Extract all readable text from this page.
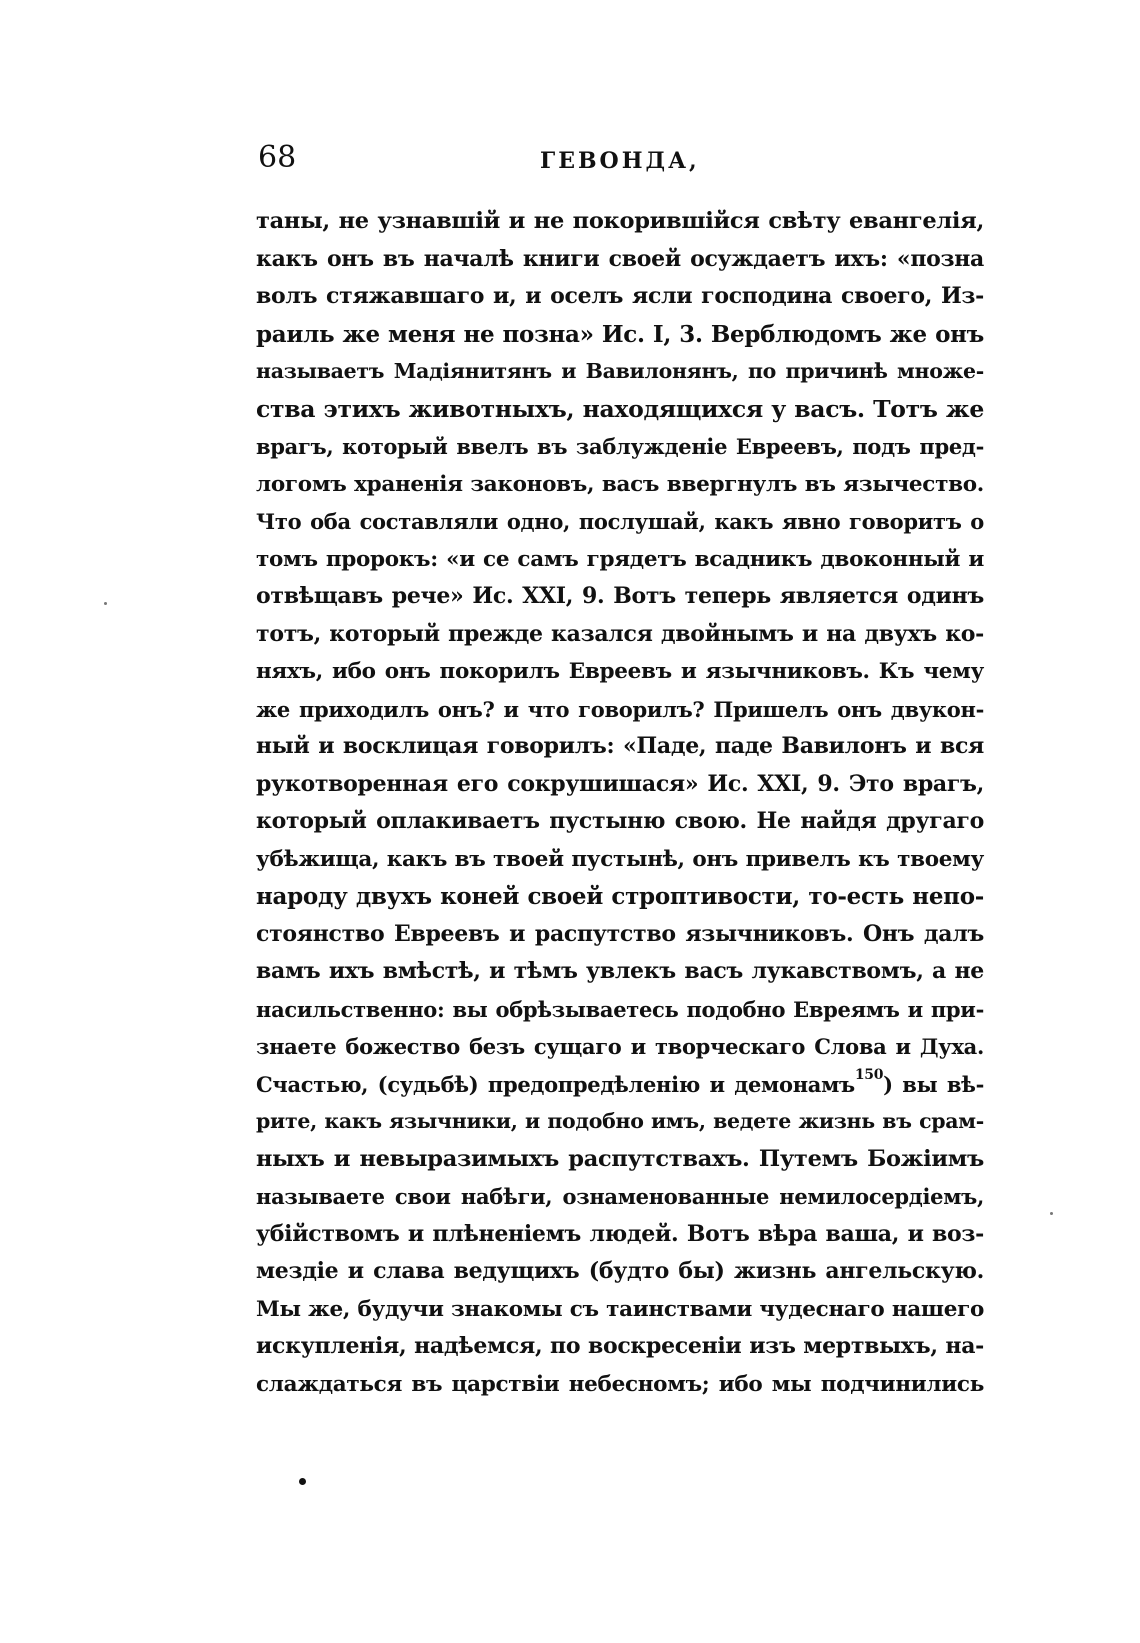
68	ГЕВОНДА,
таны, не узнавшій и не покорившійся свѣту евангелія,
какъ онъ въ началѣ книги своей осуждаетъ ихъ: «позна
волъ стяжавшаго и, и оселъ ясли господина своего, Из-
раиль же меня не позна» Ис. I, 3. Верблюдомъ же онъ
называетъ Мадіянитянъ и Вавилонянъ, по причинѣ множе-
ства этихъ животныхъ, находящихся у васъ. Тотъ же
врагъ, который ввелъ въ заблужденіе Евреевъ, подъ пред-
логомъ храненія законовъ, васъ ввергнулъ въ язычество.
Что оба составляли одно, послушай, какъ явно говоритъ о
томъ пророкъ: «и се самъ грядетъ всадникъ двоконный и
отвѣщавъ рече» Ис. XXI, 9. Вотъ теперь является одинъ
тотъ, который прежде казался двойнымъ и на двухъ ко-
няхъ, ибо онъ покорилъ Евреевъ и язычниковъ. Къ чему
же приходилъ онъ? и что говорилъ? Пришелъ онъ двукон-
ный и восклицая говорилъ: «Паде, паде Вавилонъ и вся
рукотворенная его сокрушишася» Ис. XXI, 9. Это врагъ,
который оплакиваетъ пустыню свою. Не найдя другаго
убѣжища, какъ въ твоей пустынѣ, онъ привелъ къ твоему
народу двухъ коней своей строптивости, то-есть непо-
стоянство Евреевъ и распутство язычниковъ. Онъ далъ
вамъ ихъ вмѣстѣ, и тѣмъ увлекъ васъ лукавствомъ, а не
насильственно: вы обрѣзываетесь подобно Евреямъ и при-
знаете божество безъ сущаго и творческаго Слова и Духа.
Счастью, (судьбѣ) предопредѣленію и демонамъ$^{150}$) вы вѣ-
рите, какъ язычники, и подобно имъ, ведете жизнь въ срам-
ныхъ и невыразимыхъ распутствахъ. Путемъ Божіимъ
называете свои набѣги, ознаменованные немилосердіемъ,
убійствомъ и плѣненіемъ людей. Вотъ вѣра ваша, и воз-
мездіе и слава ведущихъ (будто бы) жизнь ангельскую.
Мы же, будучи знакомы съ таинствами чудеснаго нашего
искупленія, надѣемся, по воскресеніи изъ мертвыхъ, на-
слаждаться въ царствіи небесномъ; ибо мы подчинились
